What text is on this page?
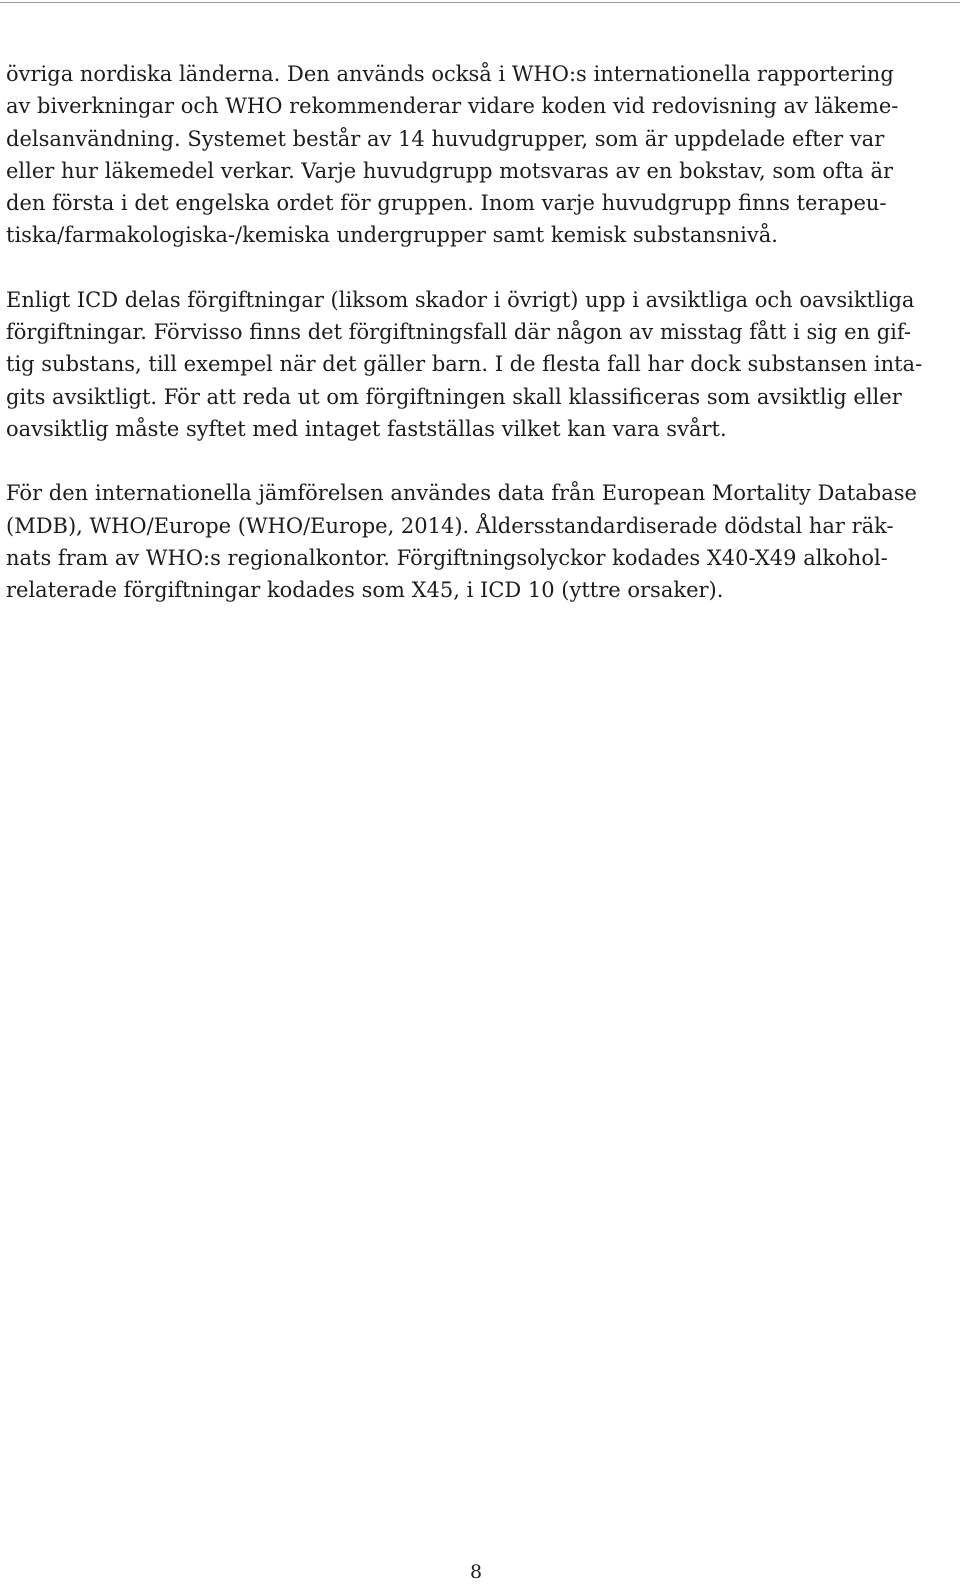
övriga nordiska länderna. Den används också i WHO:s internationella rapportering
av biverkningar och WHO rekommenderar vidare koden vid redovisning av läkeme-
delsanvändning. Systemet består av 14 huvudgrupper, som är uppdelade efter var
eller hur läkemedel verkar. Varje huvudgrupp motsvaras av en bokstav, som ofta är
den första i det engelska ordet för gruppen. Inom varje huvudgrupp finns terapeu-
tiska/farmakologiska-/kemiska undergrupper samt kemisk substansnivå.

Enligt ICD delas förgiftningar (liksom skador i övrigt) upp i avsiktliga och oavsiktliga
förgiftningar. Förvisso finns det förgiftningsfall där någon av misstag fått i sig en gif-
tig substans, till exempel när det gäller barn. I de flesta fall har dock substansen inta-
gits avsiktligt. För att reda ut om förgiftningen skall klassificeras som avsiktlig eller
oavsiktlig måste syftet med intaget fastställas vilket kan vara svårt.

För den internationella jämförelsen användes data från European Mortality Database
(MDB), WHO/Europe (WHO/Europe, 2014). Åldersstandardiserade dödstal har räk-
nats fram av WHO:s regionalkontor. Förgiftningsolyckor kodades X40-X49 alkohol-
relaterade förgiftningar kodades som X45, i ICD 10 (yttre orsaker).

8
